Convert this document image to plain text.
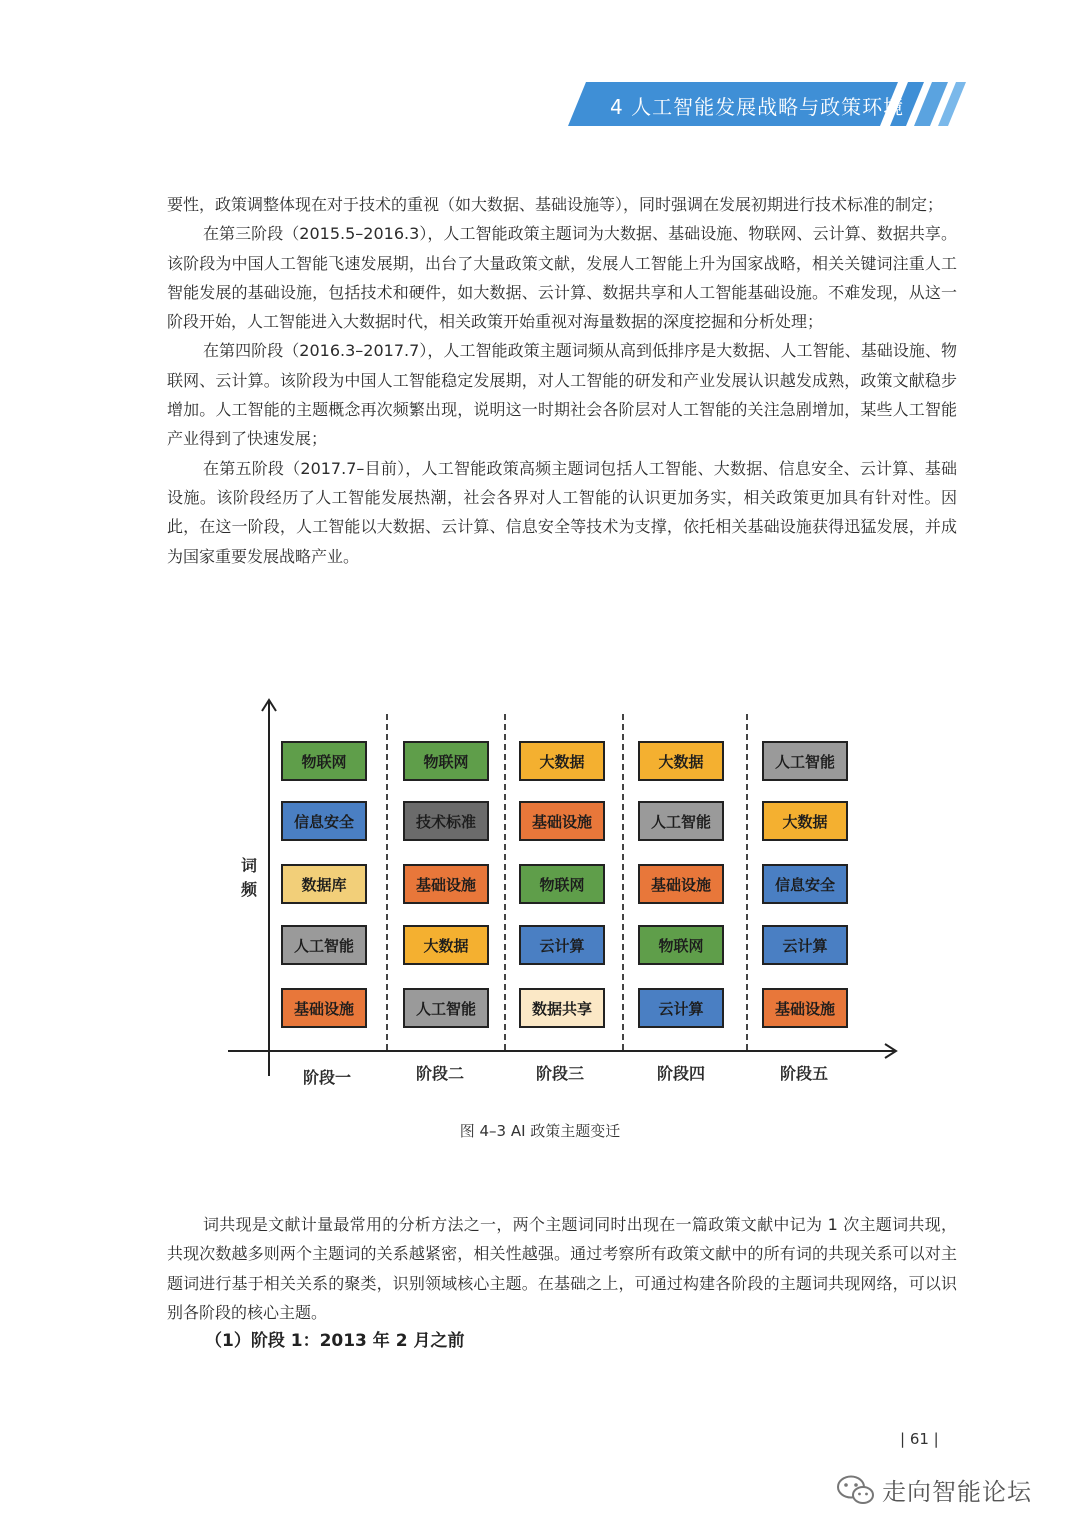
4 人工智能发展战略与政策环境

要性，政策调整体现在对于技术的重视（如大数据、基础设施等），同时强调在发展初期进行技术标准的制定；

在第三阶段（2015.5–2016.3），人工智能政策主题词为大数据、基础设施、物联网、云计算、数据共享。该阶段为中国人工智能飞速发展期，出台了大量政策文献，发展人工智能上升为国家战略，相关关键词注重人工智能发展的基础设施，包括技术和硬件，如大数据、云计算、数据共享和人工智能基础设施。不难发现，从这一阶段开始，人工智能进入大数据时代，相关政策开始重视对海量数据的深度挖掘和分析处理；

在第四阶段（2016.3–2017.7），人工智能政策主题词频从高到低排序是大数据、人工智能、基础设施、物联网、云计算。该阶段为中国人工智能稳定发展期，对人工智能的研发和产业发展认识越发成熟，政策文献稳步增加。人工智能的主题概念再次频繁出现，说明这一时期社会各阶层对人工智能的关注急剧增加，某些人工智能产业得到了快速发展；

在第五阶段（2017.7–目前），人工智能政策高频主题词包括人工智能、大数据、信息安全、云计算、基础设施。该阶段经历了人工智能发展热潮，社会各界对人工智能的认识更加务实，相关政策更加具有针对性。因此，在这一阶段，人工智能以大数据、云计算、信息安全等技术为支撑，依托相关基础设施获得迅猛发展，并成为国家重要发展战略产业。

词
频
物联网
信息安全
数据库
人工智能
基础设施
物联网
技术标准
基础设施
大数据
人工智能
大数据
基础设施
物联网
云计算
数据共享
大数据
人工智能
基础设施
物联网
云计算
人工智能
大数据
信息安全
云计算
基础设施
阶段一	阶段二	阶段三	阶段四	阶段五
图 4–3 AI 政策主题变迁

词共现是文献计量最常用的分析方法之一，两个主题词同时出现在一篇政策文献中记为 1 次主题词共现，共现次数越多则两个主题词的关系越紧密，相关性越强。通过考察所有政策文献中的所有词的共现关系可以对主题词进行基于相关关系的聚类，识别领域核心主题。在基础之上，可通过构建各阶段的主题词共现网络，可以识别各阶段的核心主题。

（1）阶段 1：2013 年 2 月之前
| 61 |
走向智能论坛
